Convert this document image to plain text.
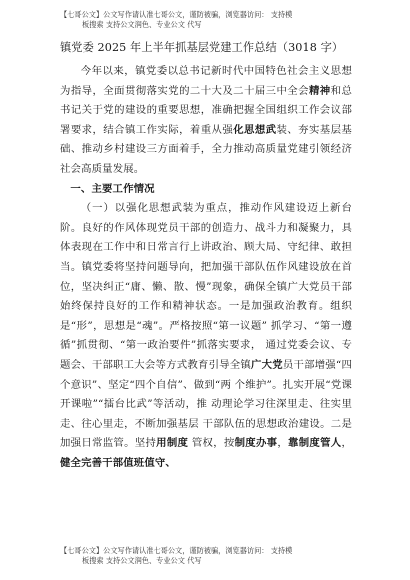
【七哥公文】公文写作请认准七哥公文，谨防被骗，浏览器访问： 支持模
板搜索 支持公文润色、专业公文 代写
镇党委 2025 年上半年抓基层党建工作总结（3018 字）

今年以来，镇党委以总书记新时代中国特色社会主义思想为指导，全面贯彻落实党的二十大及二十届三中全会精神和总书记关于党的建设的重要思想，准确把握全国组织工作会议部署要求，结合镇工作实际，着重从强化思想武装、夯实基层基础、推动乡村建设三方面着手，全力推动高质量党建引领经济社会高质量发展。

一、主要工作情况

（一）以强化思想武装为重点，推动作风建设迈上新台阶。良好的作风体现党员干部的创造力、战斗力和凝聚力，具体表现在工作中和日常言行上讲政治、顾大局、守纪律、敢担当。镇党委将坚持问题导向，把加强干部队伍作风建设放在首位，坚决纠正“庸、懒、散、慢”现象，确保全镇广大党员干部始终保持良好的工作和精神状态。一是加强政治教育。组织是“形”，思想是“魂”。严格按照“第一议题” 抓学习、“第一遵循”抓贯彻、“第一政治要件”抓落实要求， 通过党委会议、专题会、干部职工大会等方式教育引导全镇广大党员干部增强“四个意识”、坚定“四个自信”、做到“两 个维护”。扎实开展“党课开课啦”“擂台比武”等活动，推 动理论学习往深里走、往实里走、往心里走，不断加强基层 干部队伍的思想政治建设。二是加强日常监管。坚持用制度 管权，按制度办事，靠制度管人，健全完善干部值班值守、

【七哥公文】公文写作请认准七哥公文，谨防被骗，浏览器访问： 支持模
板搜索 支持公文润色、专业公文 代写
